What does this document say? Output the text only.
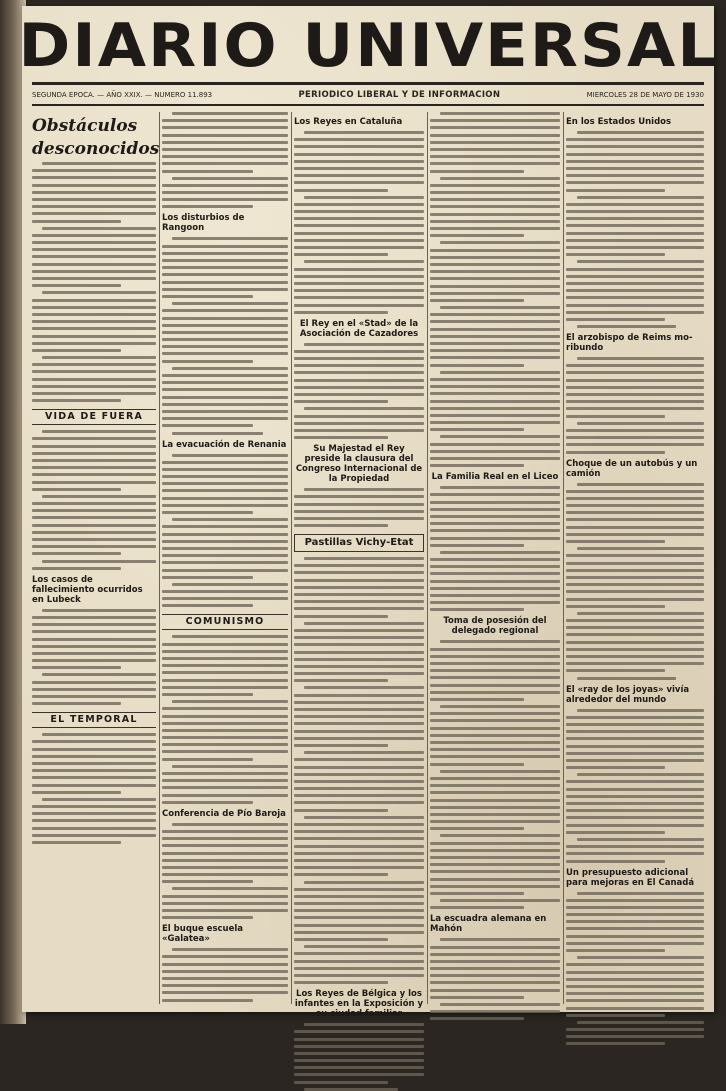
DIARIO UNIVERSAL
SEGUNDA EPOCA. — AÑO XXIX. — NUMERO 11.893	PERIODICO LIBERAL Y DE INFORMACION	MIERCOLES 28 DE MAYO DE 1930
Obstáculos
desconocidos
VIDA DE FUERA
Los casos de fallecimiento ocurridos en Lubeck
EL TEMPORAL
Los disturbios de Rangoon
La evacuación de Renania
COMUNISMO
Conferencia de Pío Baroja
El buque escuela «Galatea»
Los Reyes en Cataluña
El Rey en el «Stad» de la Asociación de Cazadores
Su Majestad el Rey preside la clausura del Congreso Internacional de la Propiedad
Pastillas Vichy-Etat
Los Reyes de Bélgica y los infantes en la Exposición y su ciudad familiar
La Familia Real en el Liceo
Toma de posesión del delegado regional
La escuadra alemana en Mahón
En los Estados Unidos
El arzobispo de Reims mo- ribundo
Choque de un autobús y un camión
El «ray de los joyas» vivía alrededor del mundo
Un presupuesto adicional para mejoras en El Canadá
